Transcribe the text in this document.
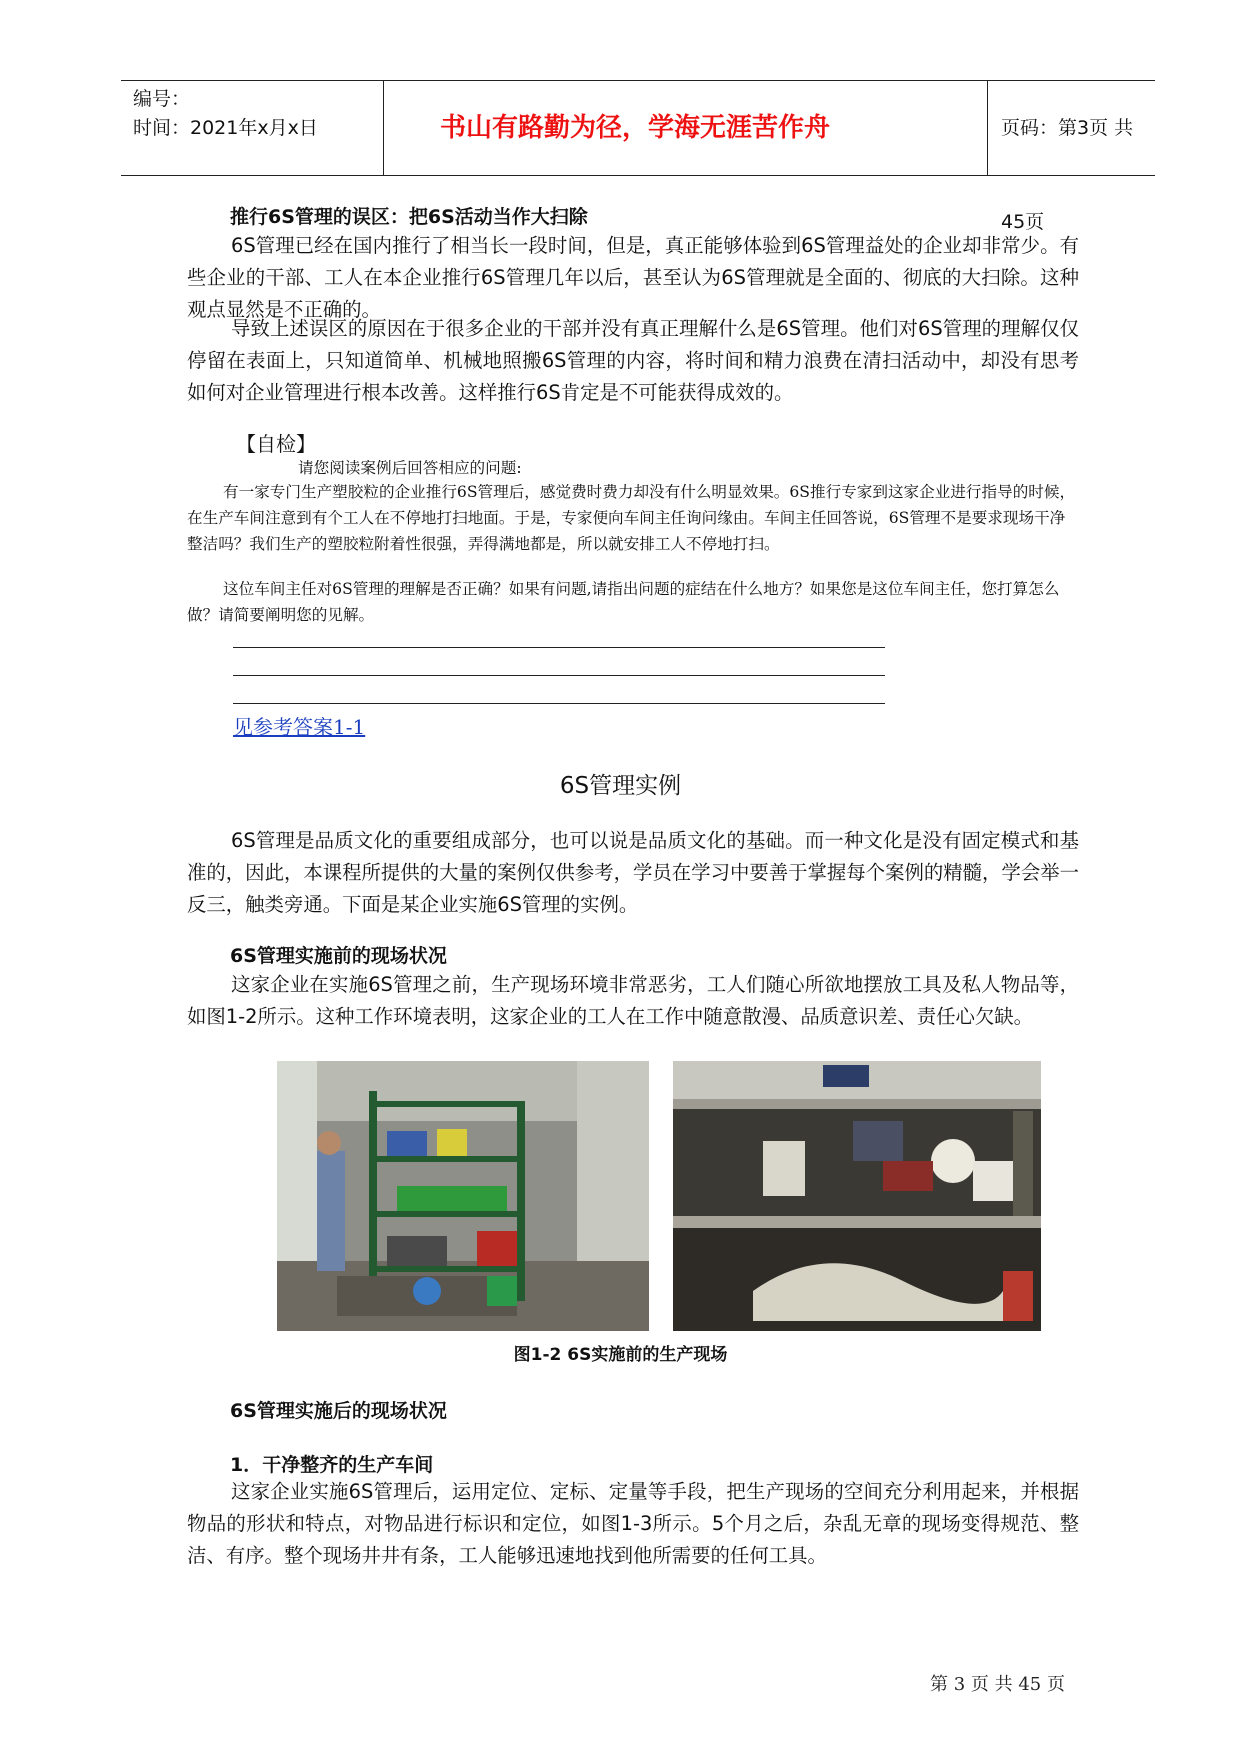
编号：
时间：2021年x月x日	书山有路勤为径，学海无涯苦作舟	页码：第3页 共45页
推行6S管理的误区：把6S活动当作大扫除
6S管理已经在国内推行了相当长一段时间，但是，真正能够体验到6S管理益处的企业却非常少。有些企业的干部、工人在本企业推行6S管理几年以后，甚至认为6S管理就是全面的、彻底的大扫除。这种观点显然是不正确的。
导致上述误区的原因在于很多企业的干部并没有真正理解什么是6S管理。他们对6S管理的理解仅仅停留在表面上，只知道简单、机械地照搬6S管理的内容，将时间和精力浪费在清扫活动中，却没有思考如何对企业管理进行根本改善。这样推行6S肯定是不可能获得成效的。
【自检】
请您阅读案例后回答相应的问题:
有一家专门生产塑胶粒的企业推行6S管理后，感觉费时费力却没有什么明显效果。6S推行专家到这家企业进行指导的时候，在生产车间注意到有个工人在不停地打扫地面。于是，专家便向车间主任询问缘由。车间主任回答说，6S管理不是要求现场干净整洁吗？我们生产的塑胶粒附着性很强，弄得满地都是，所以就安排工人不停地打扫。
这位车间主任对6S管理的理解是否正确？如果有问题,请指出问题的症结在什么地方？如果您是这位车间主任，您打算怎么做？请简要阐明您的见解。
见参考答案1-1
6S管理实例
6S管理是品质文化的重要组成部分，也可以说是品质文化的基础。而一种文化是没有固定模式和基准的，因此，本课程所提供的大量的案例仅供参考，学员在学习中要善于掌握每个案例的精髓，学会举一反三，触类旁通。下面是某企业实施6S管理的实例。
6S管理实施前的现场状况
这家企业在实施6S管理之前，生产现场环境非常恶劣，工人们随心所欲地摆放工具及私人物品等，如图1-2所示。这种工作环境表明，这家企业的工人在工作中随意散漫、品质意识差、责任心欠缺。
图1-2 6S实施前的生产现场
6S管理实施后的现场状况
1．干净整齐的生产车间
这家企业实施6S管理后，运用定位、定标、定量等手段，把生产现场的空间充分利用起来，并根据物品的形状和特点，对物品进行标识和定位，如图1-3所示。5个月之后，杂乱无章的现场变得规范、整洁、有序。整个现场井井有条，工人能够迅速地找到他所需要的任何工具。
第 3 页 共 45 页
